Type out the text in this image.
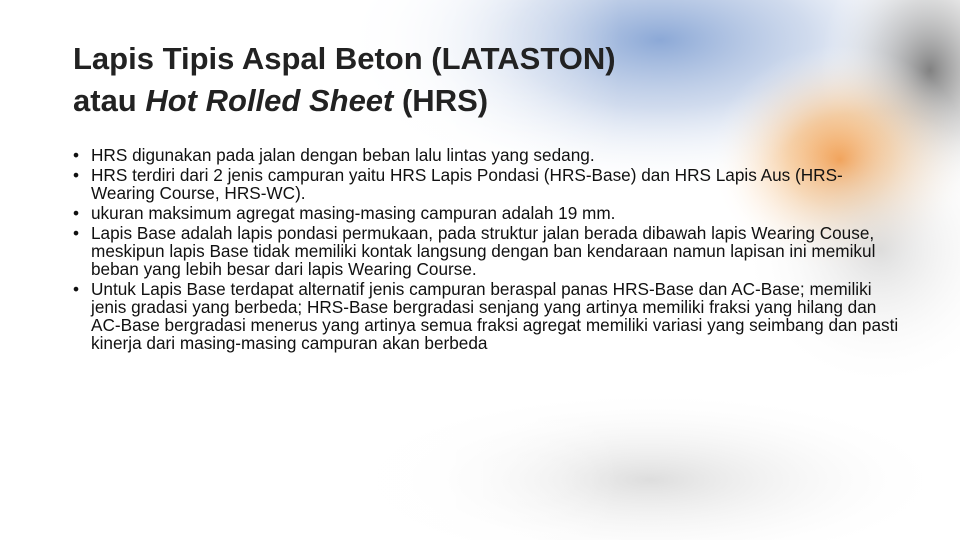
Lapis Tipis Aspal Beton (LATASTON)
atau Hot Rolled Sheet (HRS)
• HRS digunakan pada jalan dengan beban lalu lintas yang sedang.
• HRS terdiri dari 2 jenis campuran yaitu HRS Lapis Pondasi (HRS-Base) dan HRS Lapis Aus (HRS-Wearing Course, HRS-WC).
• ukuran maksimum agregat masing-masing campuran adalah 19 mm.
• Lapis Base adalah lapis pondasi permukaan, pada struktur jalan berada dibawah lapis Wearing Couse, meskipun lapis Base tidak memiliki kontak langsung dengan ban kendaraan namun lapisan ini memikul beban yang lebih besar dari lapis Wearing Course.
• Untuk Lapis Base terdapat alternatif jenis campuran beraspal panas HRS-Base dan AC-Base; memiliki jenis gradasi yang berbeda; HRS-Base bergradasi senjang yang artinya memiliki fraksi yang hilang dan AC-Base bergradasi menerus yang artinya semua fraksi agregat memiliki variasi yang seimbang dan pasti kinerja dari masing-masing campuran akan berbeda
